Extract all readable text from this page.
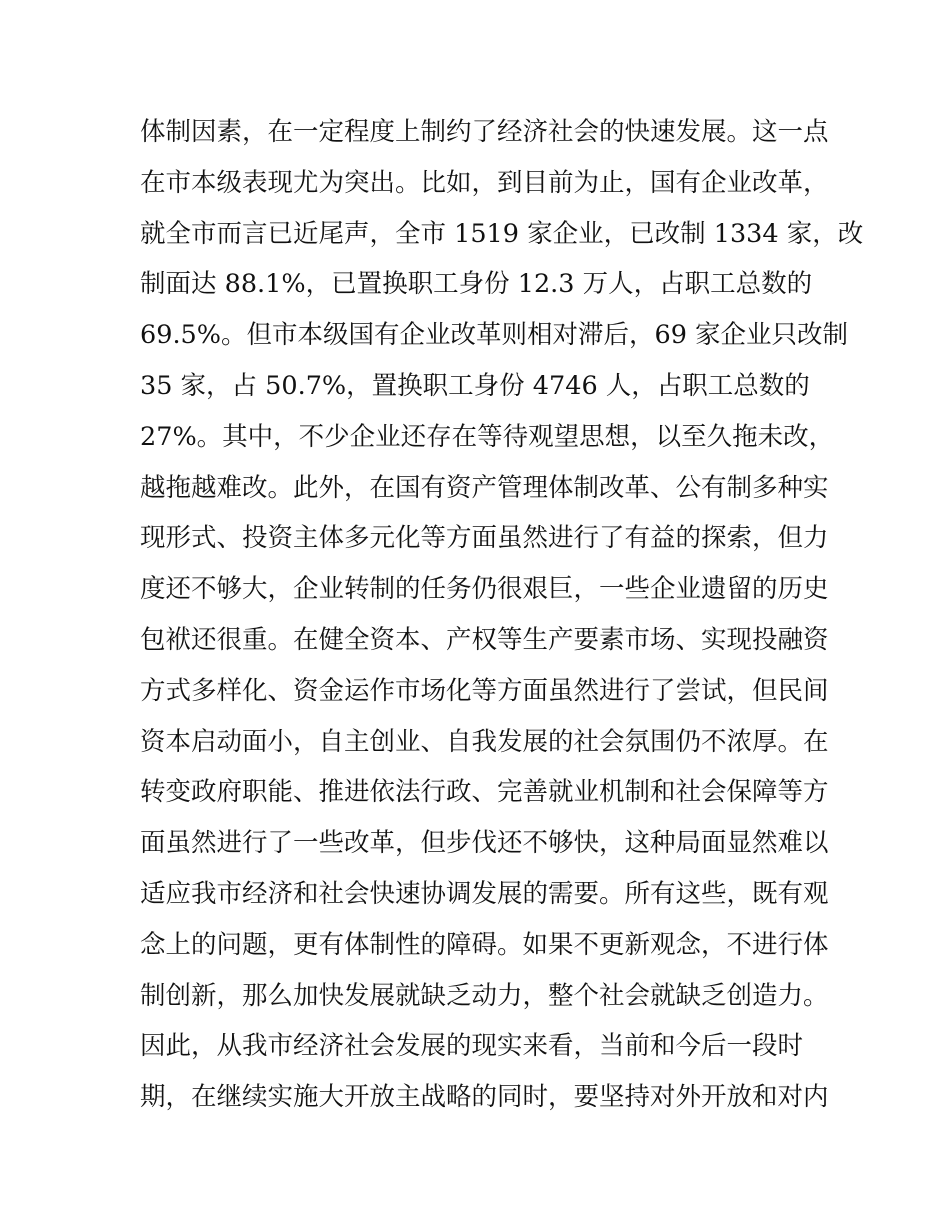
体制因素，在一定程度上制约了经济社会的快速发展。这一点
在市本级表现尤为突出。比如，到目前为止，国有企业改革，
就全市而言已近尾声，全市 1519 家企业，已改制 1334 家，改
制面达 88.1%，已置换职工身份 12.3 万人，占职工总数的
69.5%。但市本级国有企业改革则相对滞后，69 家企业只改制
35 家，占 50.7%，置换职工身份 4746 人，占职工总数的
27%。其中，不少企业还存在等待观望思想，以至久拖未改，
越拖越难改。此外，在国有资产管理体制改革、公有制多种实
现形式、投资主体多元化等方面虽然进行了有益的探索，但力
度还不够大，企业转制的任务仍很艰巨，一些企业遗留的历史
包袱还很重。在健全资本、产权等生产要素市场、实现投融资
方式多样化、资金运作市场化等方面虽然进行了尝试，但民间
资本启动面小，自主创业、自我发展的社会氛围仍不浓厚。在
转变政府职能、推进依法行政、完善就业机制和社会保障等方
面虽然进行了一些改革，但步伐还不够快，这种局面显然难以
适应我市经济和社会快速协调发展的需要。所有这些，既有观
念上的问题，更有体制性的障碍。如果不更新观念，不进行体
制创新，那么加快发展就缺乏动力，整个社会就缺乏创造力。
因此，从我市经济社会发展的现实来看，当前和今后一段时
期，在继续实施大开放主战略的同时，要坚持对外开放和对内
